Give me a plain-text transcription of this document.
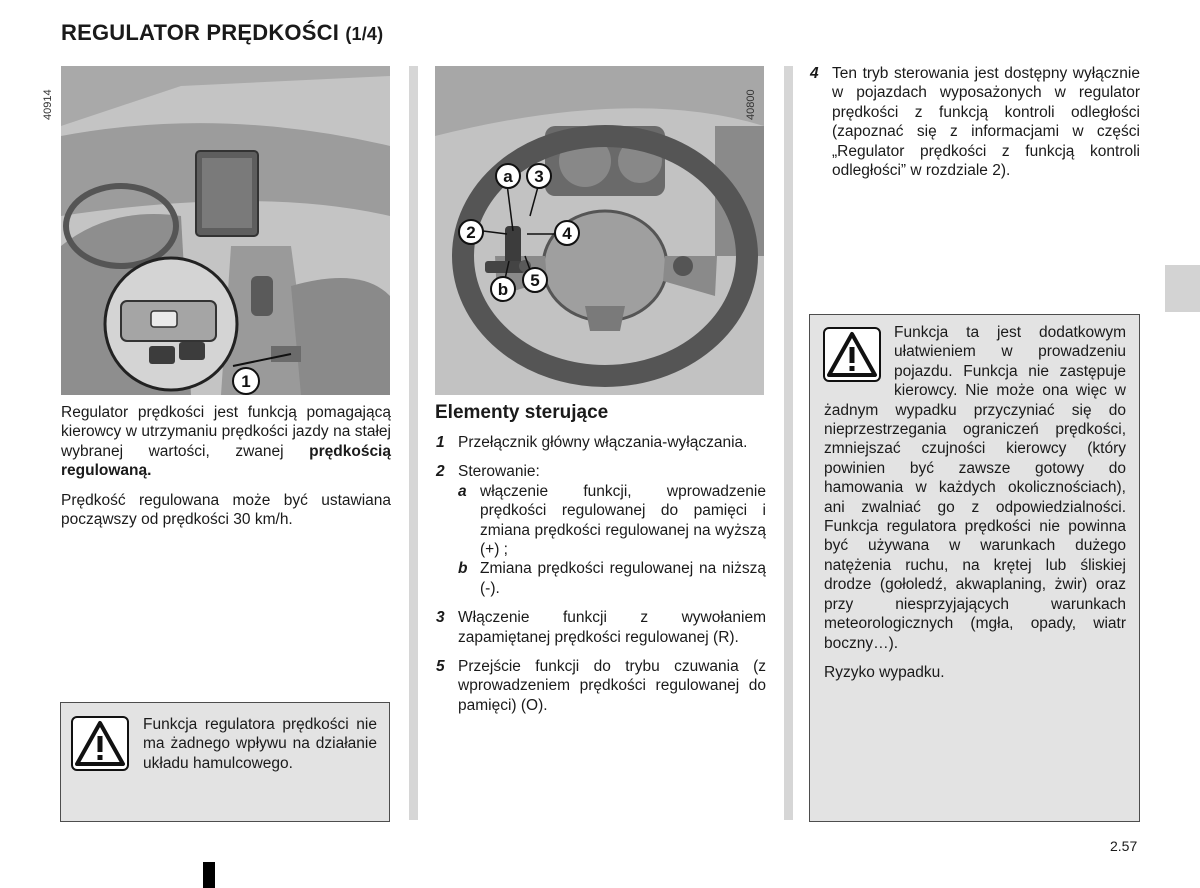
REGULATOR PRĘDKOŚCI (1/4)
1
40914
a 3
2	4
b 5
40800

Regulator prędkości jest funkcją pomagającą kierowcy w utrzymaniu prędkości jazdy na stałej wybranej wartości, zwanej prędkością regulowaną.

Prędkość regulowana może być ustawiana począwszy od prędkości 30 km/h.

Funkcja regulatora prędkości nie ma żadnego wpływu na działanie układu hamulcowego.
Elementy sterujące
1 Przełącznik główny włączania-wyłączania.
2 Sterowanie:
a włączenie funkcji, wprowadzenie prędkości regulowanej do pamięci i zmiana prędkości regulowanej na wyższą (+) ;
b Zmiana prędkości regulowanej na niższą (-).
3 Włączenie funkcji z wywołaniem zapamiętanej prędkości regulowanej (R).
5 Przejście funkcji do trybu czuwania (z wprowadzeniem prędkości regulowanej do pamięci) (O).
4 Ten tryb sterowania jest dostępny wyłącznie w pojazdach wyposażonych w regulator prędkości z funkcją kontroli odległości (zapoznać się z informacjami w części „Regulator prędkości z funkcją kontroli odległości” w rozdziale 2).

Funkcja ta jest dodatkowym ułatwieniem w prowadzeniu pojazdu. Funkcja nie zastępuje kierowcy. Nie może ona więc w żadnym wypadku przyczyniać się do nieprzestrzegania ograniczeń prędkości, zmniejszać czujności kierowcy (który powinien być zawsze gotowy do hamowania w każdych okolicznościach), ani zwalniać go z odpowiedzialności. Funkcja regulatora prędkości nie powinna być używana w warunkach dużego natężenia ruchu, na krętej lub śliskiej drodze (gołoledź, akwaplaning, żwir) oraz przy niesprzyjających warunkach meteorologicznych (mgła, opady, wiatr boczny…).

Ryzyko wypadku.

2.57
